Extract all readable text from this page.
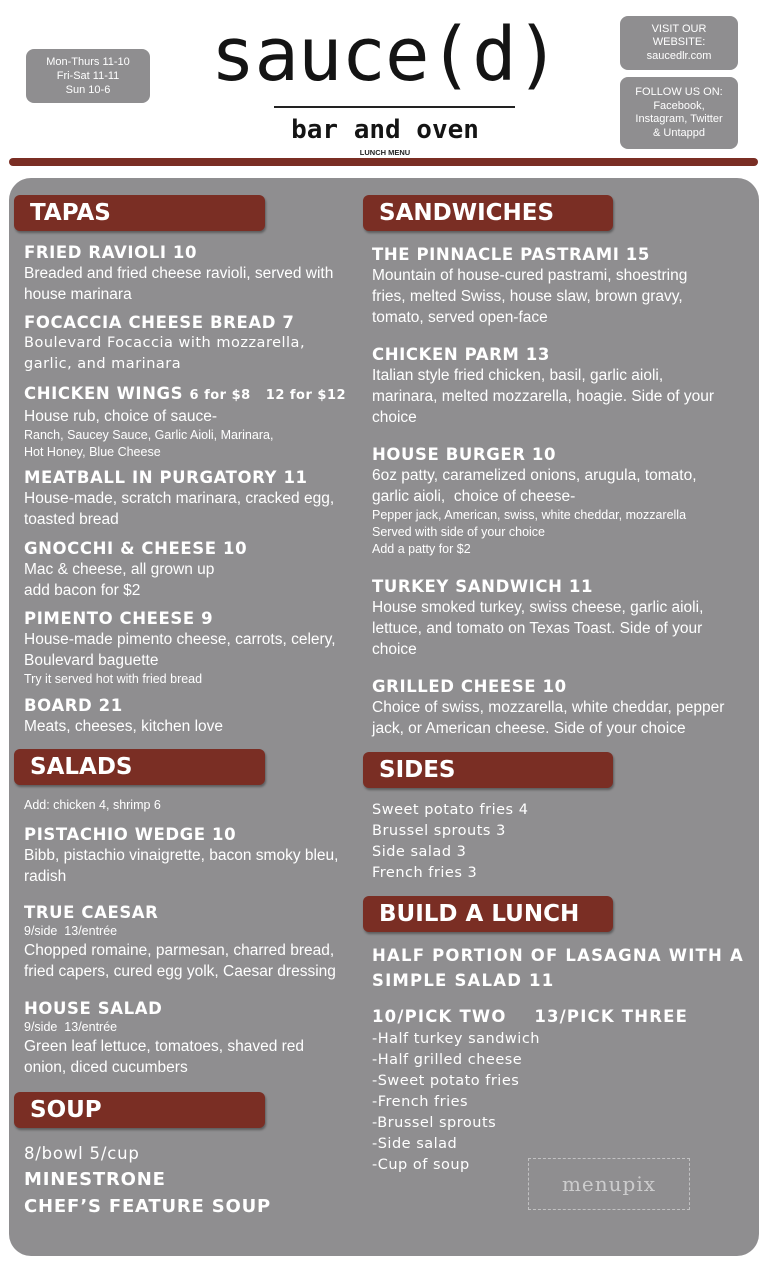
Mon-Thurs 11-10
Fri-Sat 11-11
Sun 10-6 sauce(d)
bar and oven
LUNCH MENU
VISIT OUR
WEBSITE:
saucedlr.com
FOLLOW US ON:
Facebook,
Instagram, Twitter
& Untappd
TAPAS
FRIED RAVIOLI 10
Breaded and fried cheese ravioli, served with
house marinara
FOCACCIA CHEESE BREAD 7
Boulevard Focaccia with mozzarella,
garlic, and marinara
CHICKEN WINGS 6 for $8   12 for $12
House rub, choice of sauce-
Ranch, Saucey Sauce, Garlic Aioli, Marinara,
Hot Honey, Blue Cheese
MEATBALL IN PURGATORY 11
House-made, scratch marinara, cracked egg,
toasted bread
GNOCCHI & CHEESE 10
Mac & cheese, all grown up
add bacon for $2
PIMENTO CHEESE 9
House-made pimento cheese, carrots, celery,
Boulevard baguette
Try it served hot with fried bread
BOARD 21
Meats, cheeses, kitchen love
SALADS
Add: chicken 4, shrimp 6
PISTACHIO WEDGE 10
Bibb, pistachio vinaigrette, bacon smoky bleu,
radish
TRUE CAESAR
9/side  13/entrée
Chopped romaine, parmesan, charred bread,
fried capers, cured egg yolk, Caesar dressing
HOUSE SALAD
9/side  13/entrée
Green leaf lettuce, tomatoes, shaved red
onion, diced cucumbers
SOUP
8/bowl 5/cup
MINESTRONE
CHEF’S FEATURE SOUP
SANDWICHES
THE PINNACLE PASTRAMI 15
Mountain of house-cured pastrami, shoestring
fries, melted Swiss, house slaw, brown gravy,
tomato, served open-face
CHICKEN PARM 13
Italian style fried chicken, basil, garlic aioli,
marinara, melted mozzarella, hoagie. Side of your
choice
HOUSE BURGER 10
6oz patty, caramelized onions, arugula, tomato,
garlic aioli,  choice of cheese-
Pepper jack, American, swiss, white cheddar, mozzarella
Served with side of your choice
Add a patty for $2
TURKEY SANDWICH 11
House smoked turkey, swiss cheese, garlic aioli,
lettuce, and tomato on Texas Toast. Side of your
choice
GRILLED CHEESE 10
Choice of swiss, mozzarella, white cheddar, pepper
jack, or American cheese. Side of your choice
SIDES
Sweet potato fries 4
Brussel sprouts 3
Side salad 3
French fries 3
BUILD A LUNCH
HALF PORTION OF LASAGNA WITH A
SIMPLE SALAD 11
10/PICK TWO    13/PICK THREE
-Half turkey sandwich
-Half grilled cheese
-Sweet potato fries
-French fries
-Brussel sprouts
-Side salad
-Cup of soup
menupix
